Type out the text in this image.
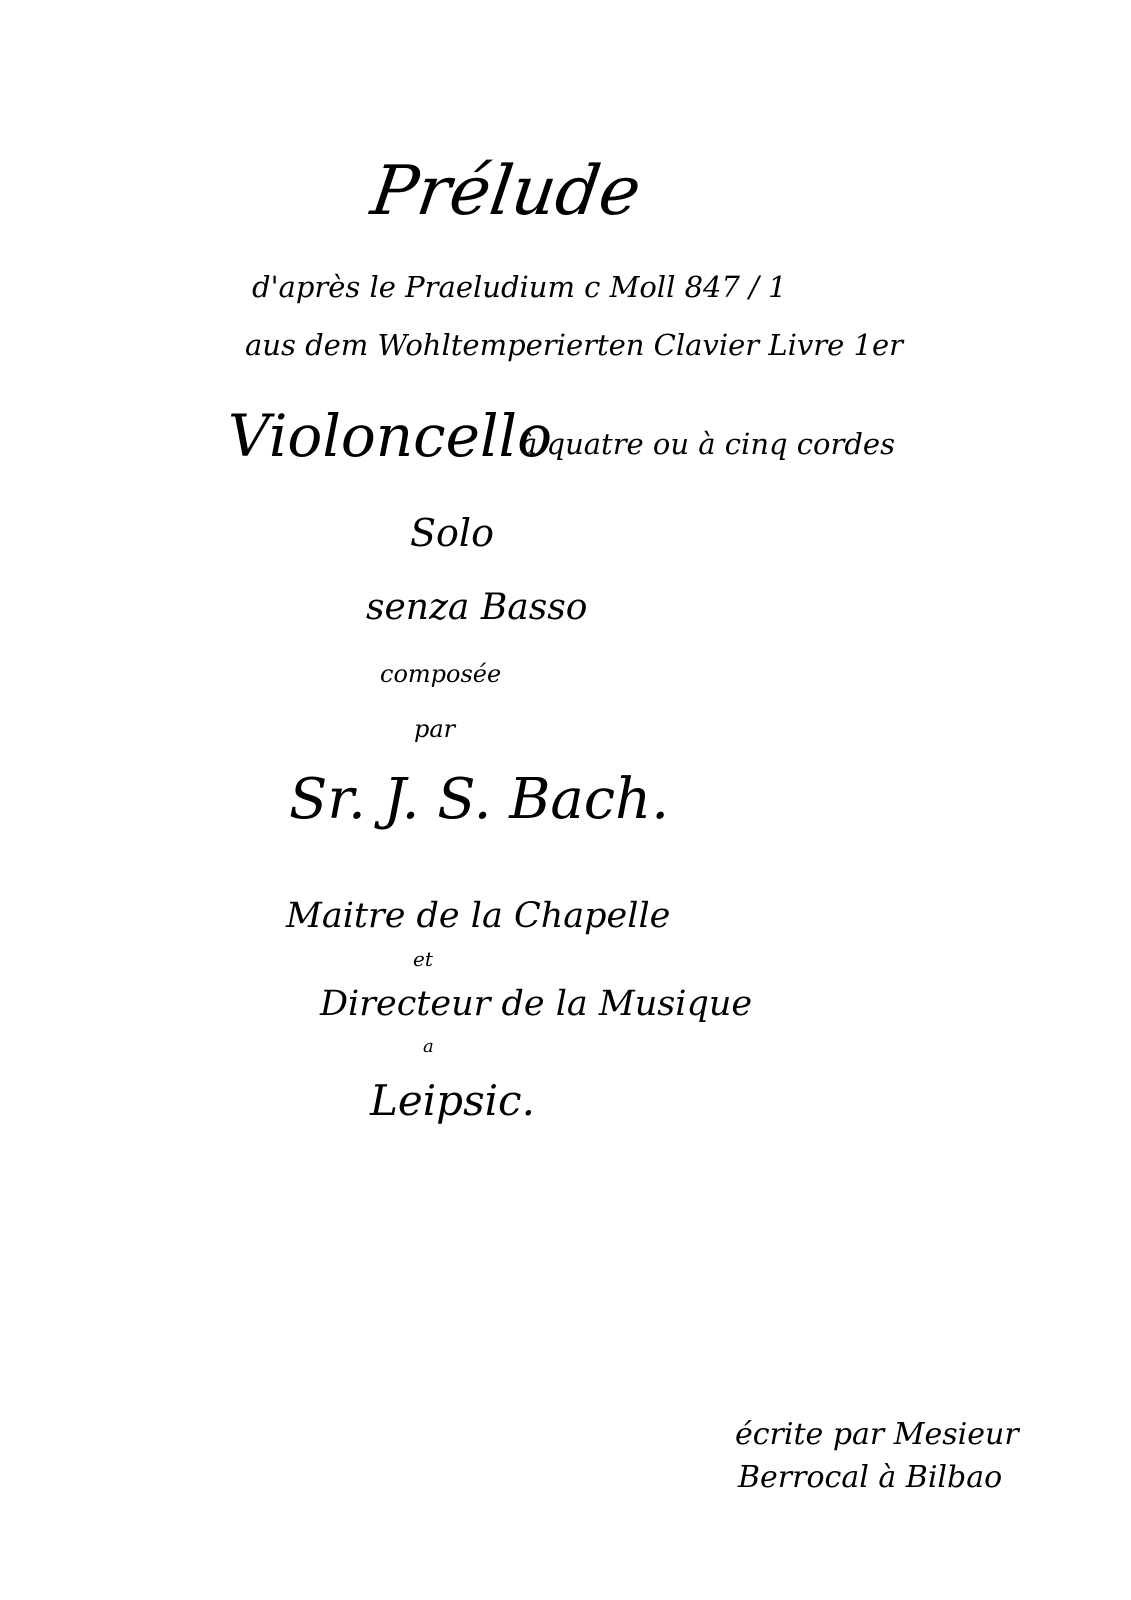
Prélude
d'après le Praeludium c Moll 847 / 1
aus dem Wohltemperierten Clavier Livre 1er
Violoncello
à quatre ou à cinq cordes
Solo
senza Basso
composée
par
Sr. J. S. Bach.
Maitre de la Chapelle
et
Directeur de la Musique
a
Leipsic.
écrite par Mesieur
Berrocal à Bilbao
